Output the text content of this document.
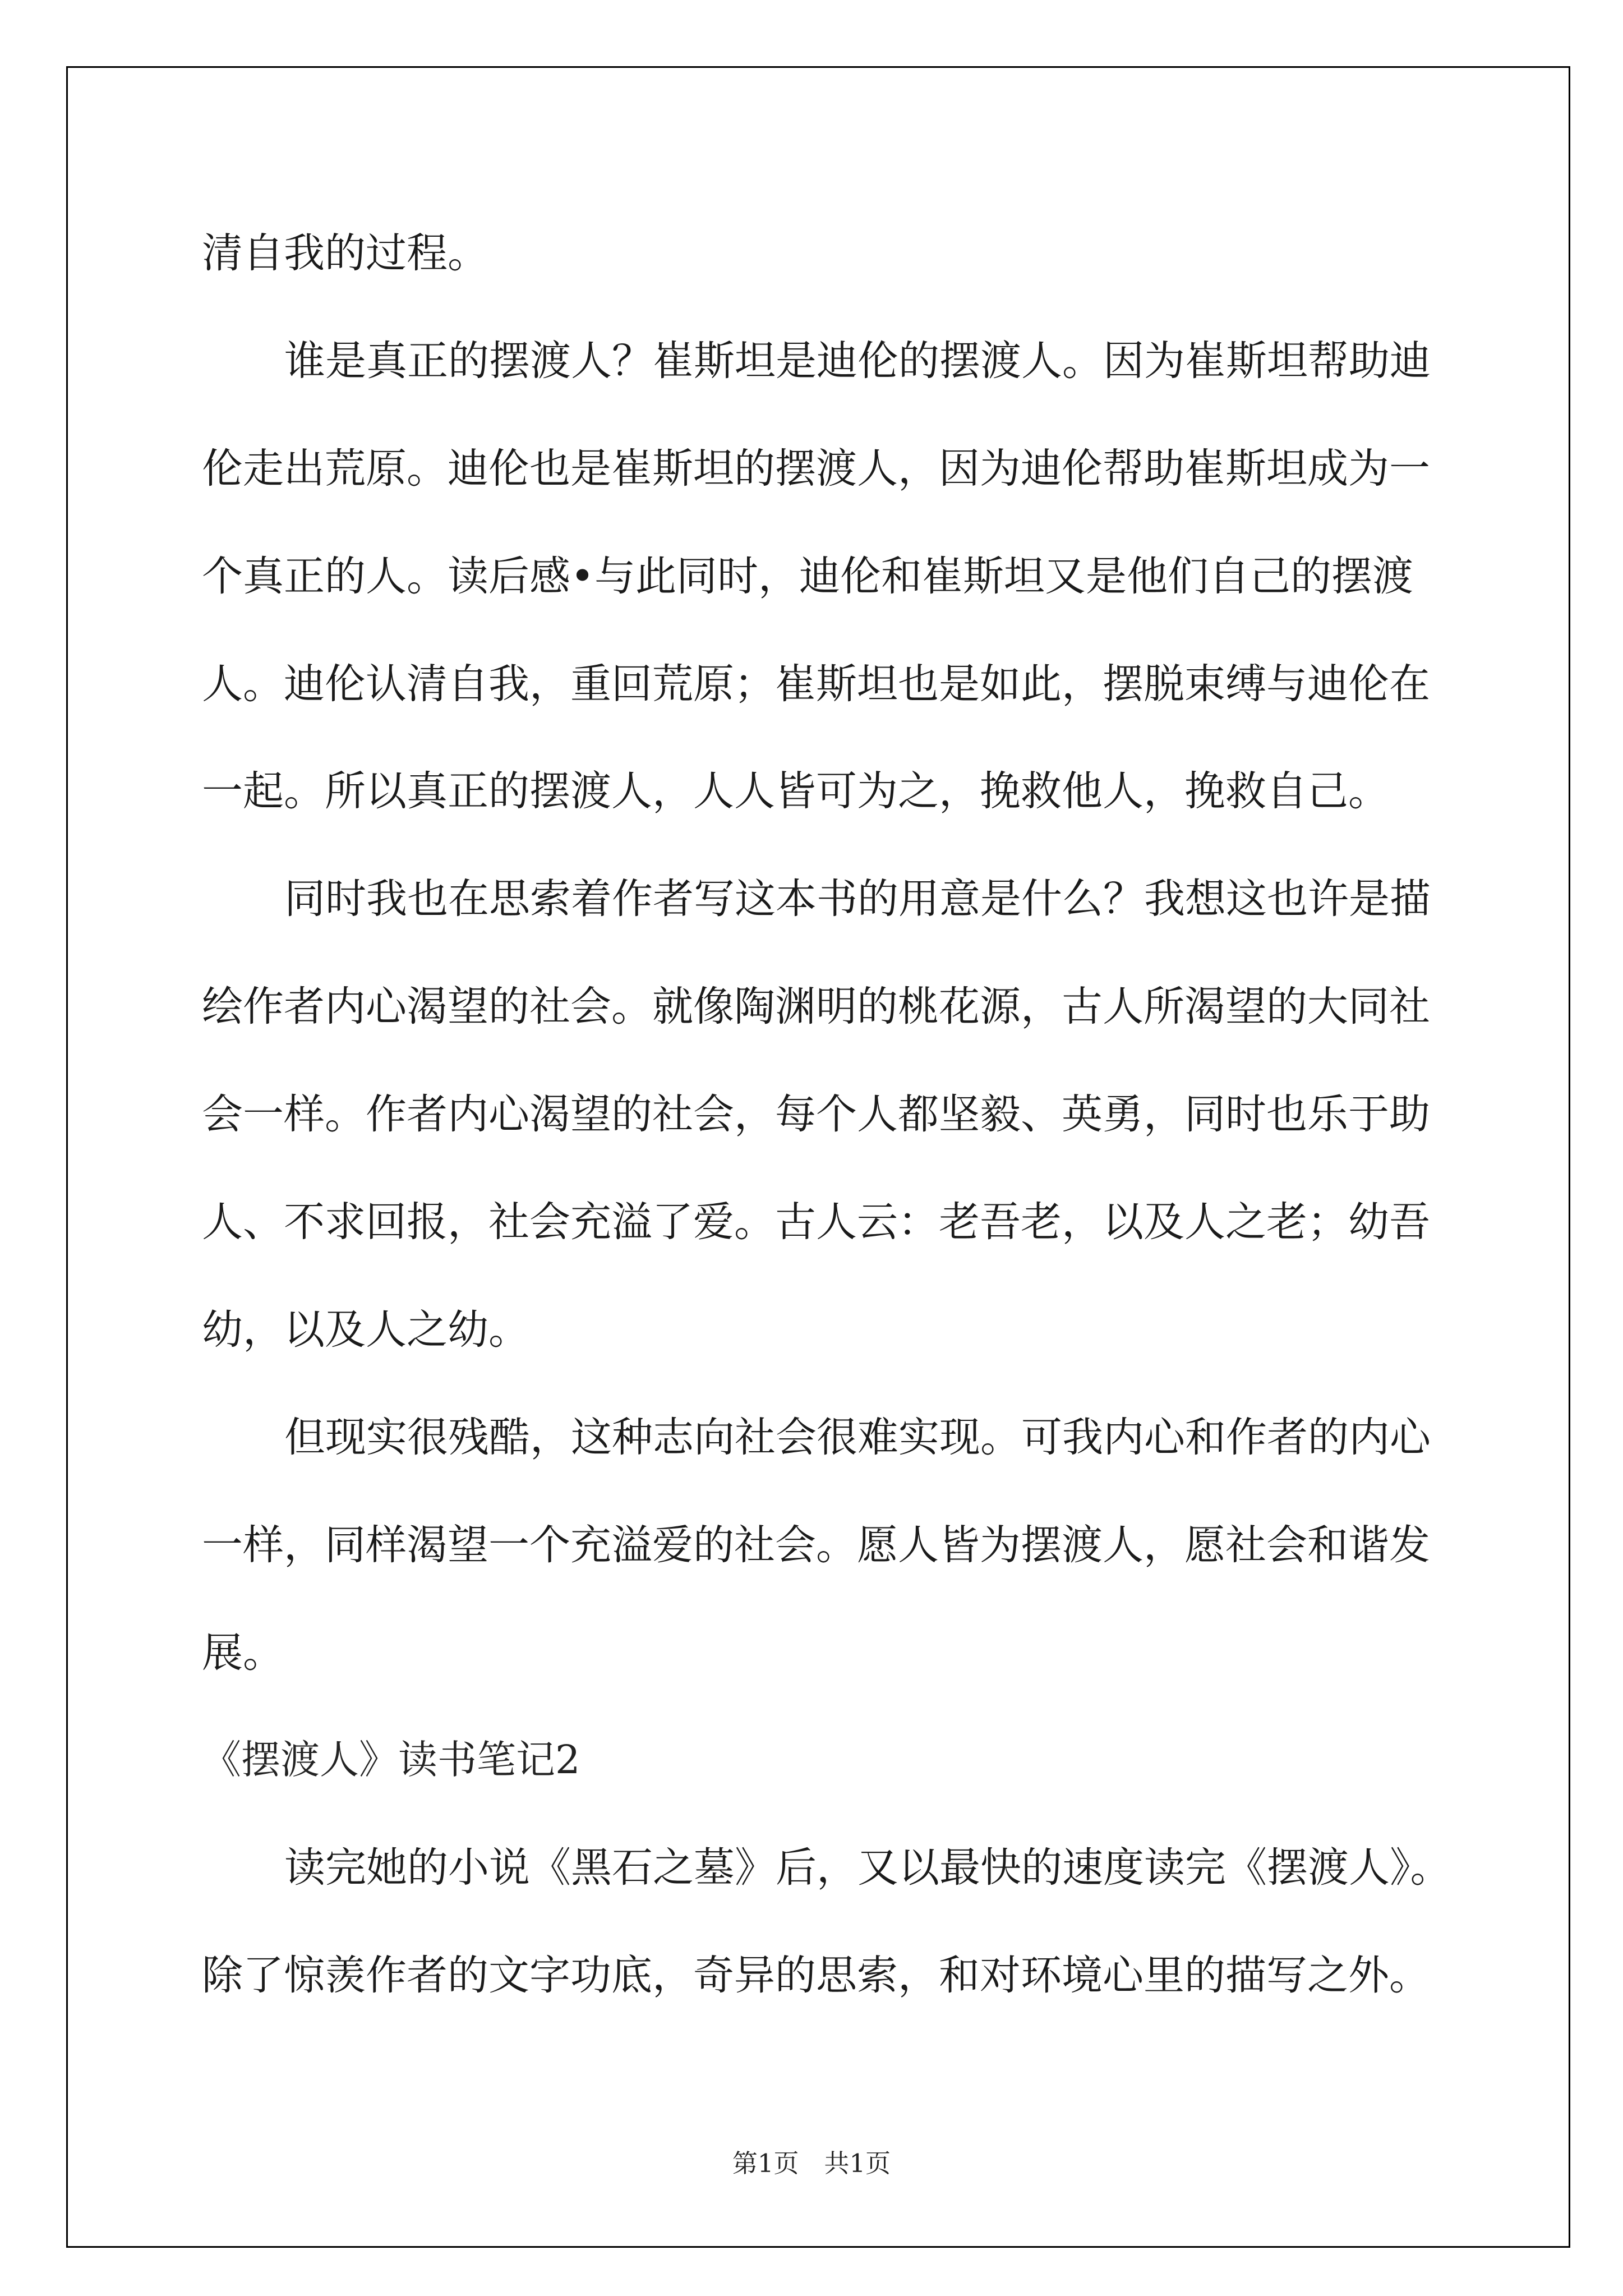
清自我的过程。
谁是真正的摆渡人？崔斯坦是迪伦的摆渡人。因为崔斯坦帮助迪
伦走出荒原。迪伦也是崔斯坦的摆渡人，因为迪伦帮助崔斯坦成为一
个真正的人。读后感•与此同时，迪伦和崔斯坦又是他们自己的摆渡
人。迪伦认清自我，重回荒原；崔斯坦也是如此，摆脱束缚与迪伦在
一起。所以真正的摆渡人，人人皆可为之，挽救他人，挽救自己。
同时我也在思索着作者写这本书的用意是什么？我想这也许是描
绘作者内心渴望的社会。就像陶渊明的桃花源，古人所渴望的大同社
会一样。作者内心渴望的社会，每个人都坚毅、英勇，同时也乐于助
人、不求回报，社会充溢了爱。古人云：老吾老，以及人之老；幼吾
幼，以及人之幼。
但现实很残酷，这种志向社会很难实现。可我内心和作者的内心
一样，同样渴望一个充溢爱的社会。愿人皆为摆渡人，愿社会和谐发
展。
《摆渡人》读书笔记2
读完她的小说《黑石之墓》后，又以最快的速度读完《摆渡人》。
除了惊羡作者的文字功底，奇异的思索，和对环境心里的描写之外。
第1页　共1页
